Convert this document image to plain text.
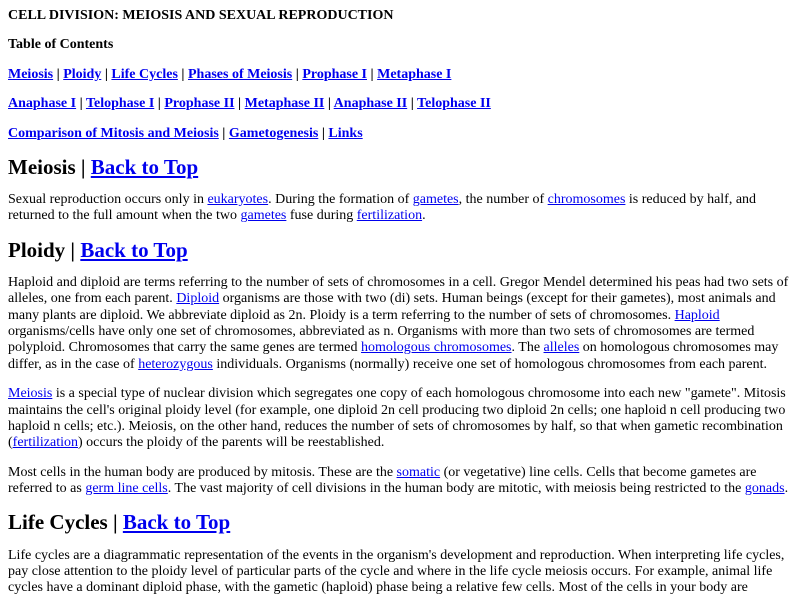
CELL DIVISION: MEIOSIS AND SEXUAL REPRODUCTION

Table of Contents

Meiosis | Ploidy | Life Cycles | Phases of Meiosis | Prophase I | Metaphase I

Anaphase I | Telophase I | Prophase II | Metaphase II | Anaphase II | Telophase II

Comparison of Mitosis and Meiosis | Gametogenesis | Links

Meiosis | Back to Top

Sexual reproduction occurs only in eukaryotes. During the formation of gametes, the number of chromosomes is reduced by half, and returned to the full amount when the two gametes fuse during fertilization.

Ploidy | Back to Top

Haploid and diploid are terms referring to the number of sets of chromosomes in a cell. Gregor Mendel determined his peas had two sets of alleles, one from each parent. Diploid organisms are those with two (di) sets. Human beings (except for their gametes), most animals and many plants are diploid. We abbreviate diploid as 2n. Ploidy is a term referring to the number of sets of chromosomes. Haploid organisms/cells have only one set of chromosomes, abbreviated as n. Organisms with more than two sets of chromosomes are termed polyploid. Chromosomes that carry the same genes are termed homologous chromosomes. The alleles on homologous chromosomes may differ, as in the case of heterozygous individuals. Organisms (normally) receive one set of homologous chromosomes from each parent.

Meiosis is a special type of nuclear division which segregates one copy of each homologous chromosome into each new "gamete". Mitosis maintains the cell's original ploidy level (for example, one diploid 2n cell producing two diploid 2n cells; one haploid n cell producing two haploid n cells; etc.). Meiosis, on the other hand, reduces the number of sets of chromosomes by half, so that when gametic recombination (fertilization) occurs the ploidy of the parents will be reestablished.

Most cells in the human body are produced by mitosis. These are the somatic (or vegetative) line cells. Cells that become gametes are referred to as germ line cells. The vast majority of cell divisions in the human body are mitotic, with meiosis being restricted to the gonads.

Life Cycles | Back to Top

Life cycles are a diagrammatic representation of the events in the organism's development and reproduction. When interpreting life cycles, pay close attention to the ploidy level of particular parts of the cycle and where in the life cycle meiosis occurs. For example, animal life cycles have a dominant diploid phase, with the gametic (haploid) phase being a relative few cells. Most of the cells in your body are
